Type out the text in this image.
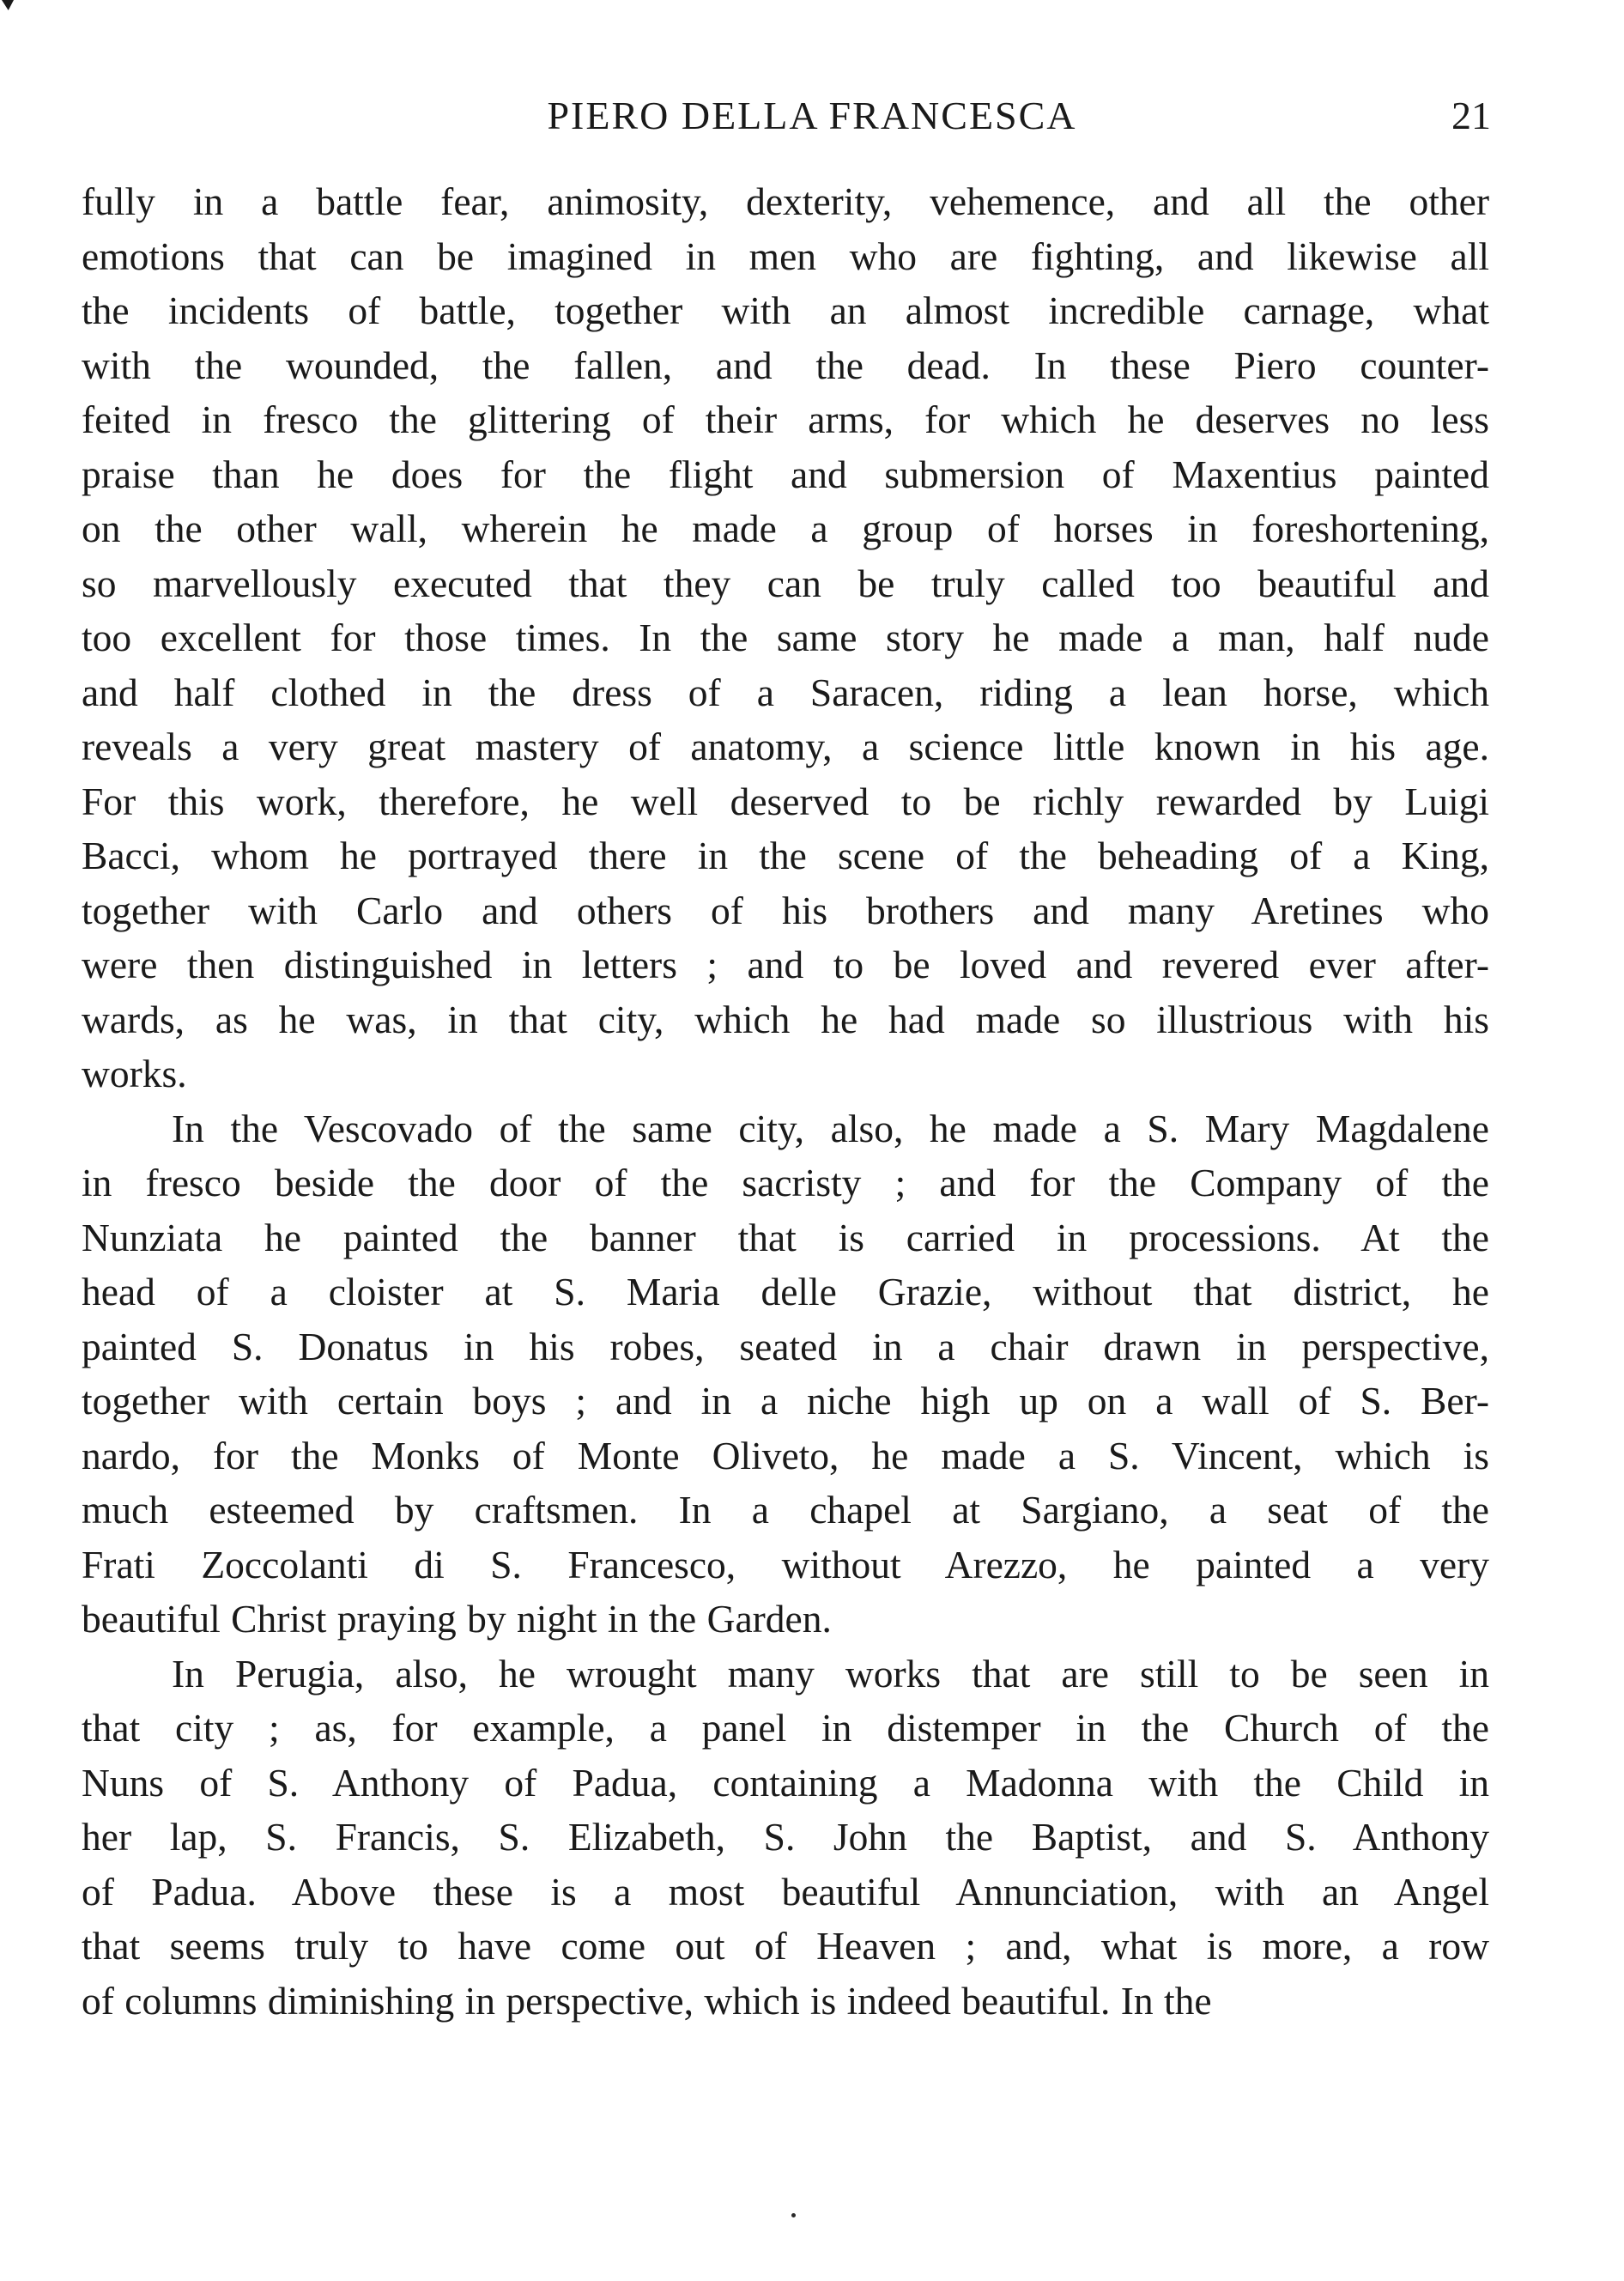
PIERO DELLA FRANCESCA	21

fully in a battle fear, animosity, dexterity, vehemence, and all the other
emotions that can be imagined in men who are fighting, and likewise all
the incidents of battle, together with an almost incredible carnage, what
with the wounded, the fallen, and the dead. In these Piero counter-
feited in fresco the glittering of their arms, for which he deserves no less
praise than he does for the flight and submersion of Maxentius painted
on the other wall, wherein he made a group of horses in foreshortening,
so marvellously executed that they can be truly called too beautiful and
too excellent for those times. In the same story he made a man, half nude
and half clothed in the dress of a Saracen, riding a lean horse, which
reveals a very great mastery of anatomy, a science little known in his age.
For this work, therefore, he well deserved to be richly rewarded by Luigi
Bacci, whom he portrayed there in the scene of the beheading of a King,
together with Carlo and others of his brothers and many Aretines who
were then distinguished in letters ; and to be loved and revered ever after-
wards, as he was, in that city, which he had made so illustrious with his
works.

In the Vescovado of the same city, also, he made a S. Mary Magdalene
in fresco beside the door of the sacristy ; and for the Company of the
Nunziata he painted the banner that is carried in processions. At the
head of a cloister at S. Maria delle Grazie, without that district, he
painted S. Donatus in his robes, seated in a chair drawn in perspective,
together with certain boys ; and in a niche high up on a wall of S. Ber-
nardo, for the Monks of Monte Oliveto, he made a S. Vincent, which is
much esteemed by craftsmen. In a chapel at Sargiano, a seat of the
Frati Zoccolanti di S. Francesco, without Arezzo, he painted a very
beautiful Christ praying by night in the Garden.

In Perugia, also, he wrought many works that are still to be seen in
that city ; as, for example, a panel in distemper in the Church of the
Nuns of S. Anthony of Padua, containing a Madonna with the Child in
her lap, S. Francis, S. Elizabeth, S. John the Baptist, and S. Anthony
of Padua. Above these is a most beautiful Annunciation, with an Angel
that seems truly to have come out of Heaven ; and, what is more, a row
of columns diminishing in perspective, which is indeed beautiful. In the
